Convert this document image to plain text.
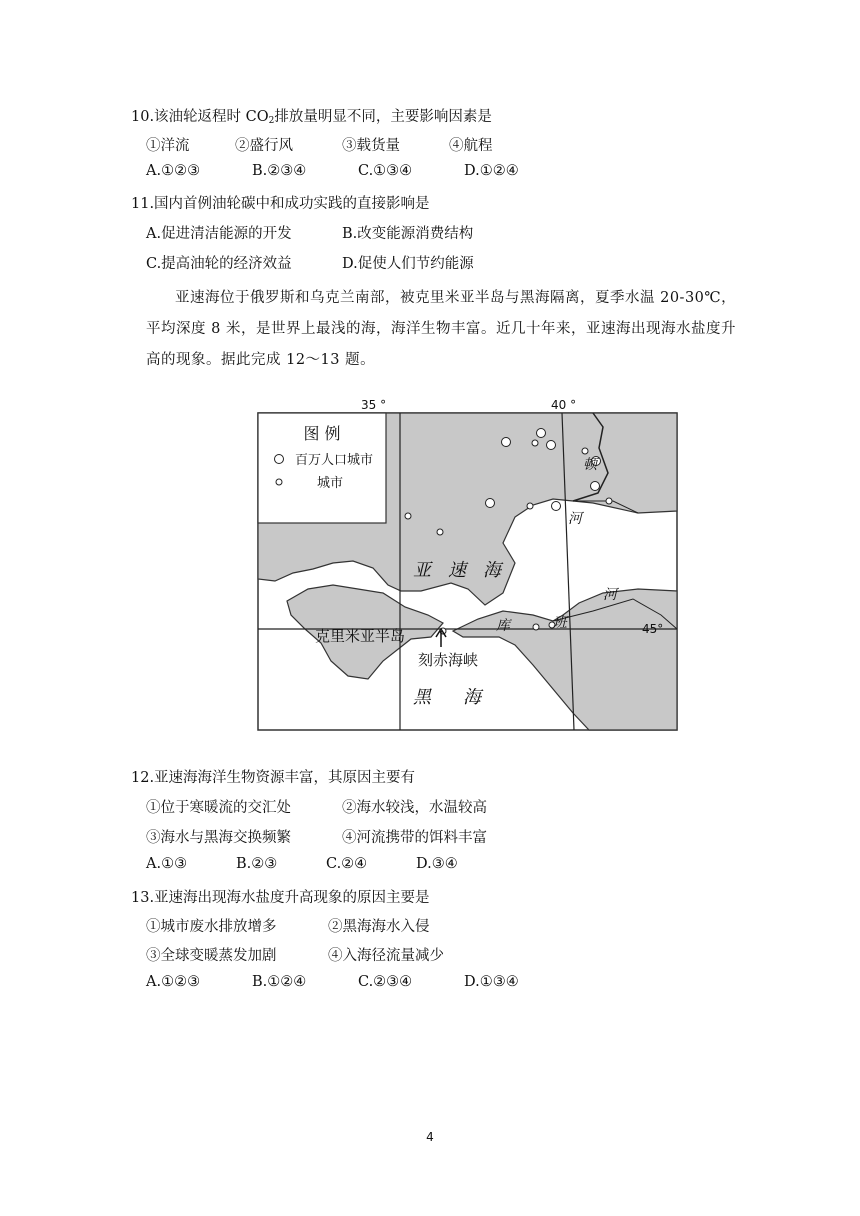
10.该油轮返程时 $CO_2$排放量明显不同，主要影响因素是
①洋流	②盛行风	③载货量	④航程
A.①②③	B.②③④	C.①③④	D.①②④
11.国内首例油轮碳中和成功实践的直接影响是
A.促进清洁能源的开发	B.改变能源消费结构
C.提高油轮的经济效益	D.促使人们节约能源
亚速海位于俄罗斯和乌克兰南部，被克里米亚半岛与黑海隔离，夏季水温 20-30℃，平均深度 8 米，是世界上最浅的海，海洋生物丰富。近几十年来，亚速海出现海水盐度升高的现象。据此完成 12～13 题。
图 例
百万人口城市
城市
35 °	40 °
45°
亚 速 海
黑 海
克里米亚半岛
刻赤海峡
顿
河
库	班
河
12.亚速海海洋生物资源丰富，其原因主要有
①位于寒暖流的交汇处	②海水较浅，水温较高
③海水与黑海交换频繁	④河流携带的饵料丰富
A.①③	B.②③	C.②④	D.③④
13.亚速海出现海水盐度升高现象的原因主要是
①城市废水排放增多	②黑海海水入侵
③全球变暖蒸发加剧	④入海径流量减少
A.①②③	B.①②④	C.②③④	D.①③④
4
